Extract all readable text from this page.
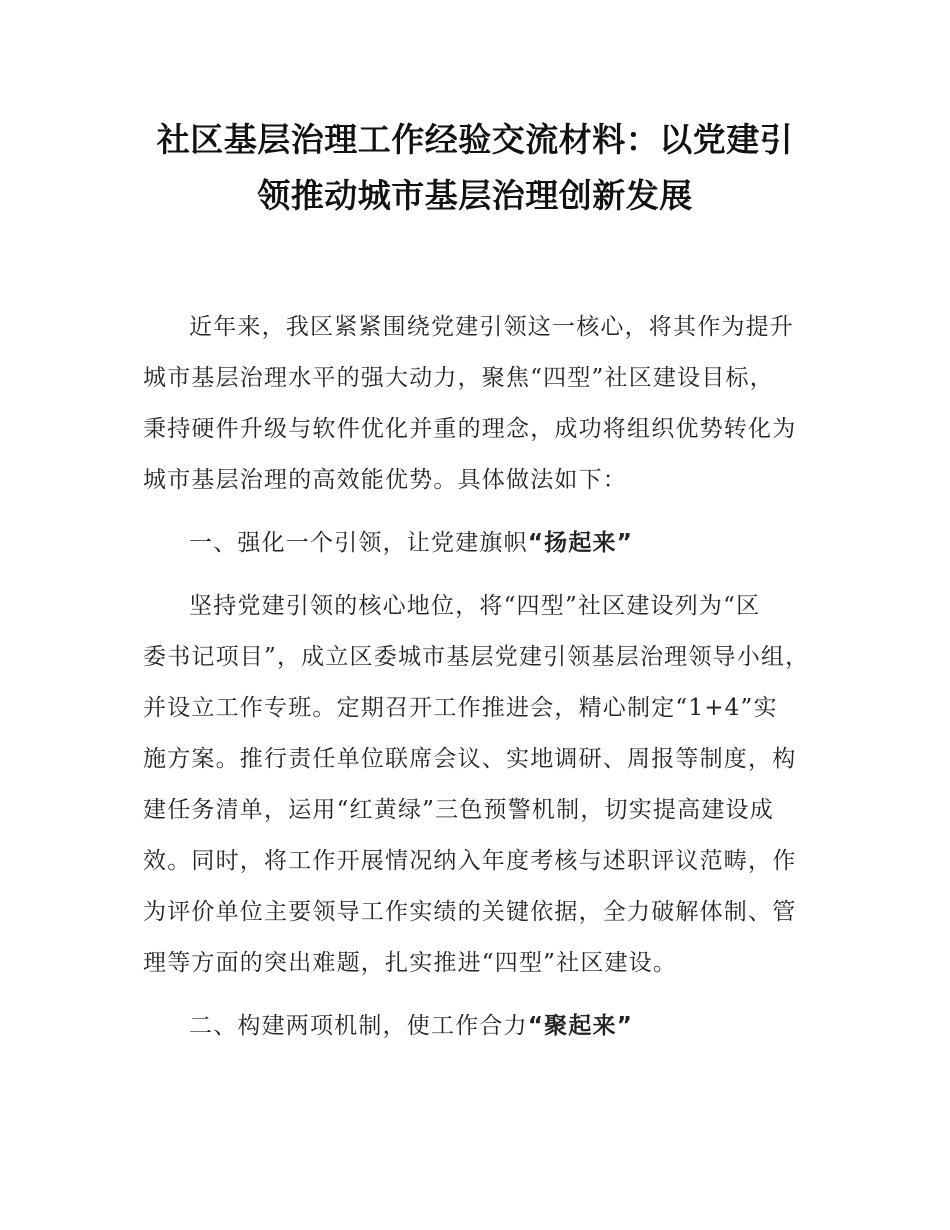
社区基层治理工作经验交流材料：以党建引
领推动城市基层治理创新发展
近年来，我区紧紧围绕党建引领这一核心，将其作为提升
城市基层治理水平的强大动力，聚焦“四型”社区建设目标，
秉持硬件升级与软件优化并重的理念，成功将组织优势转化为
城市基层治理的高效能优势。具体做法如下：
一、强化一个引领，让党建旗帜“扬起来”
坚持党建引领的核心地位，将“四型”社区建设列为“区
委书记项目”，成立区委城市基层党建引领基层治理领导小组，
并设立工作专班。定期召开工作推进会，精心制定“1+4”实
施方案。推行责任单位联席会议、实地调研、周报等制度，构
建任务清单，运用“红黄绿”三色预警机制，切实提高建设成
效。同时，将工作开展情况纳入年度考核与述职评议范畴，作
为评价单位主要领导工作实绩的关键依据，全力破解体制、管
理等方面的突出难题，扎实推进“四型”社区建设。
二、构建两项机制，使工作合力“聚起来”
